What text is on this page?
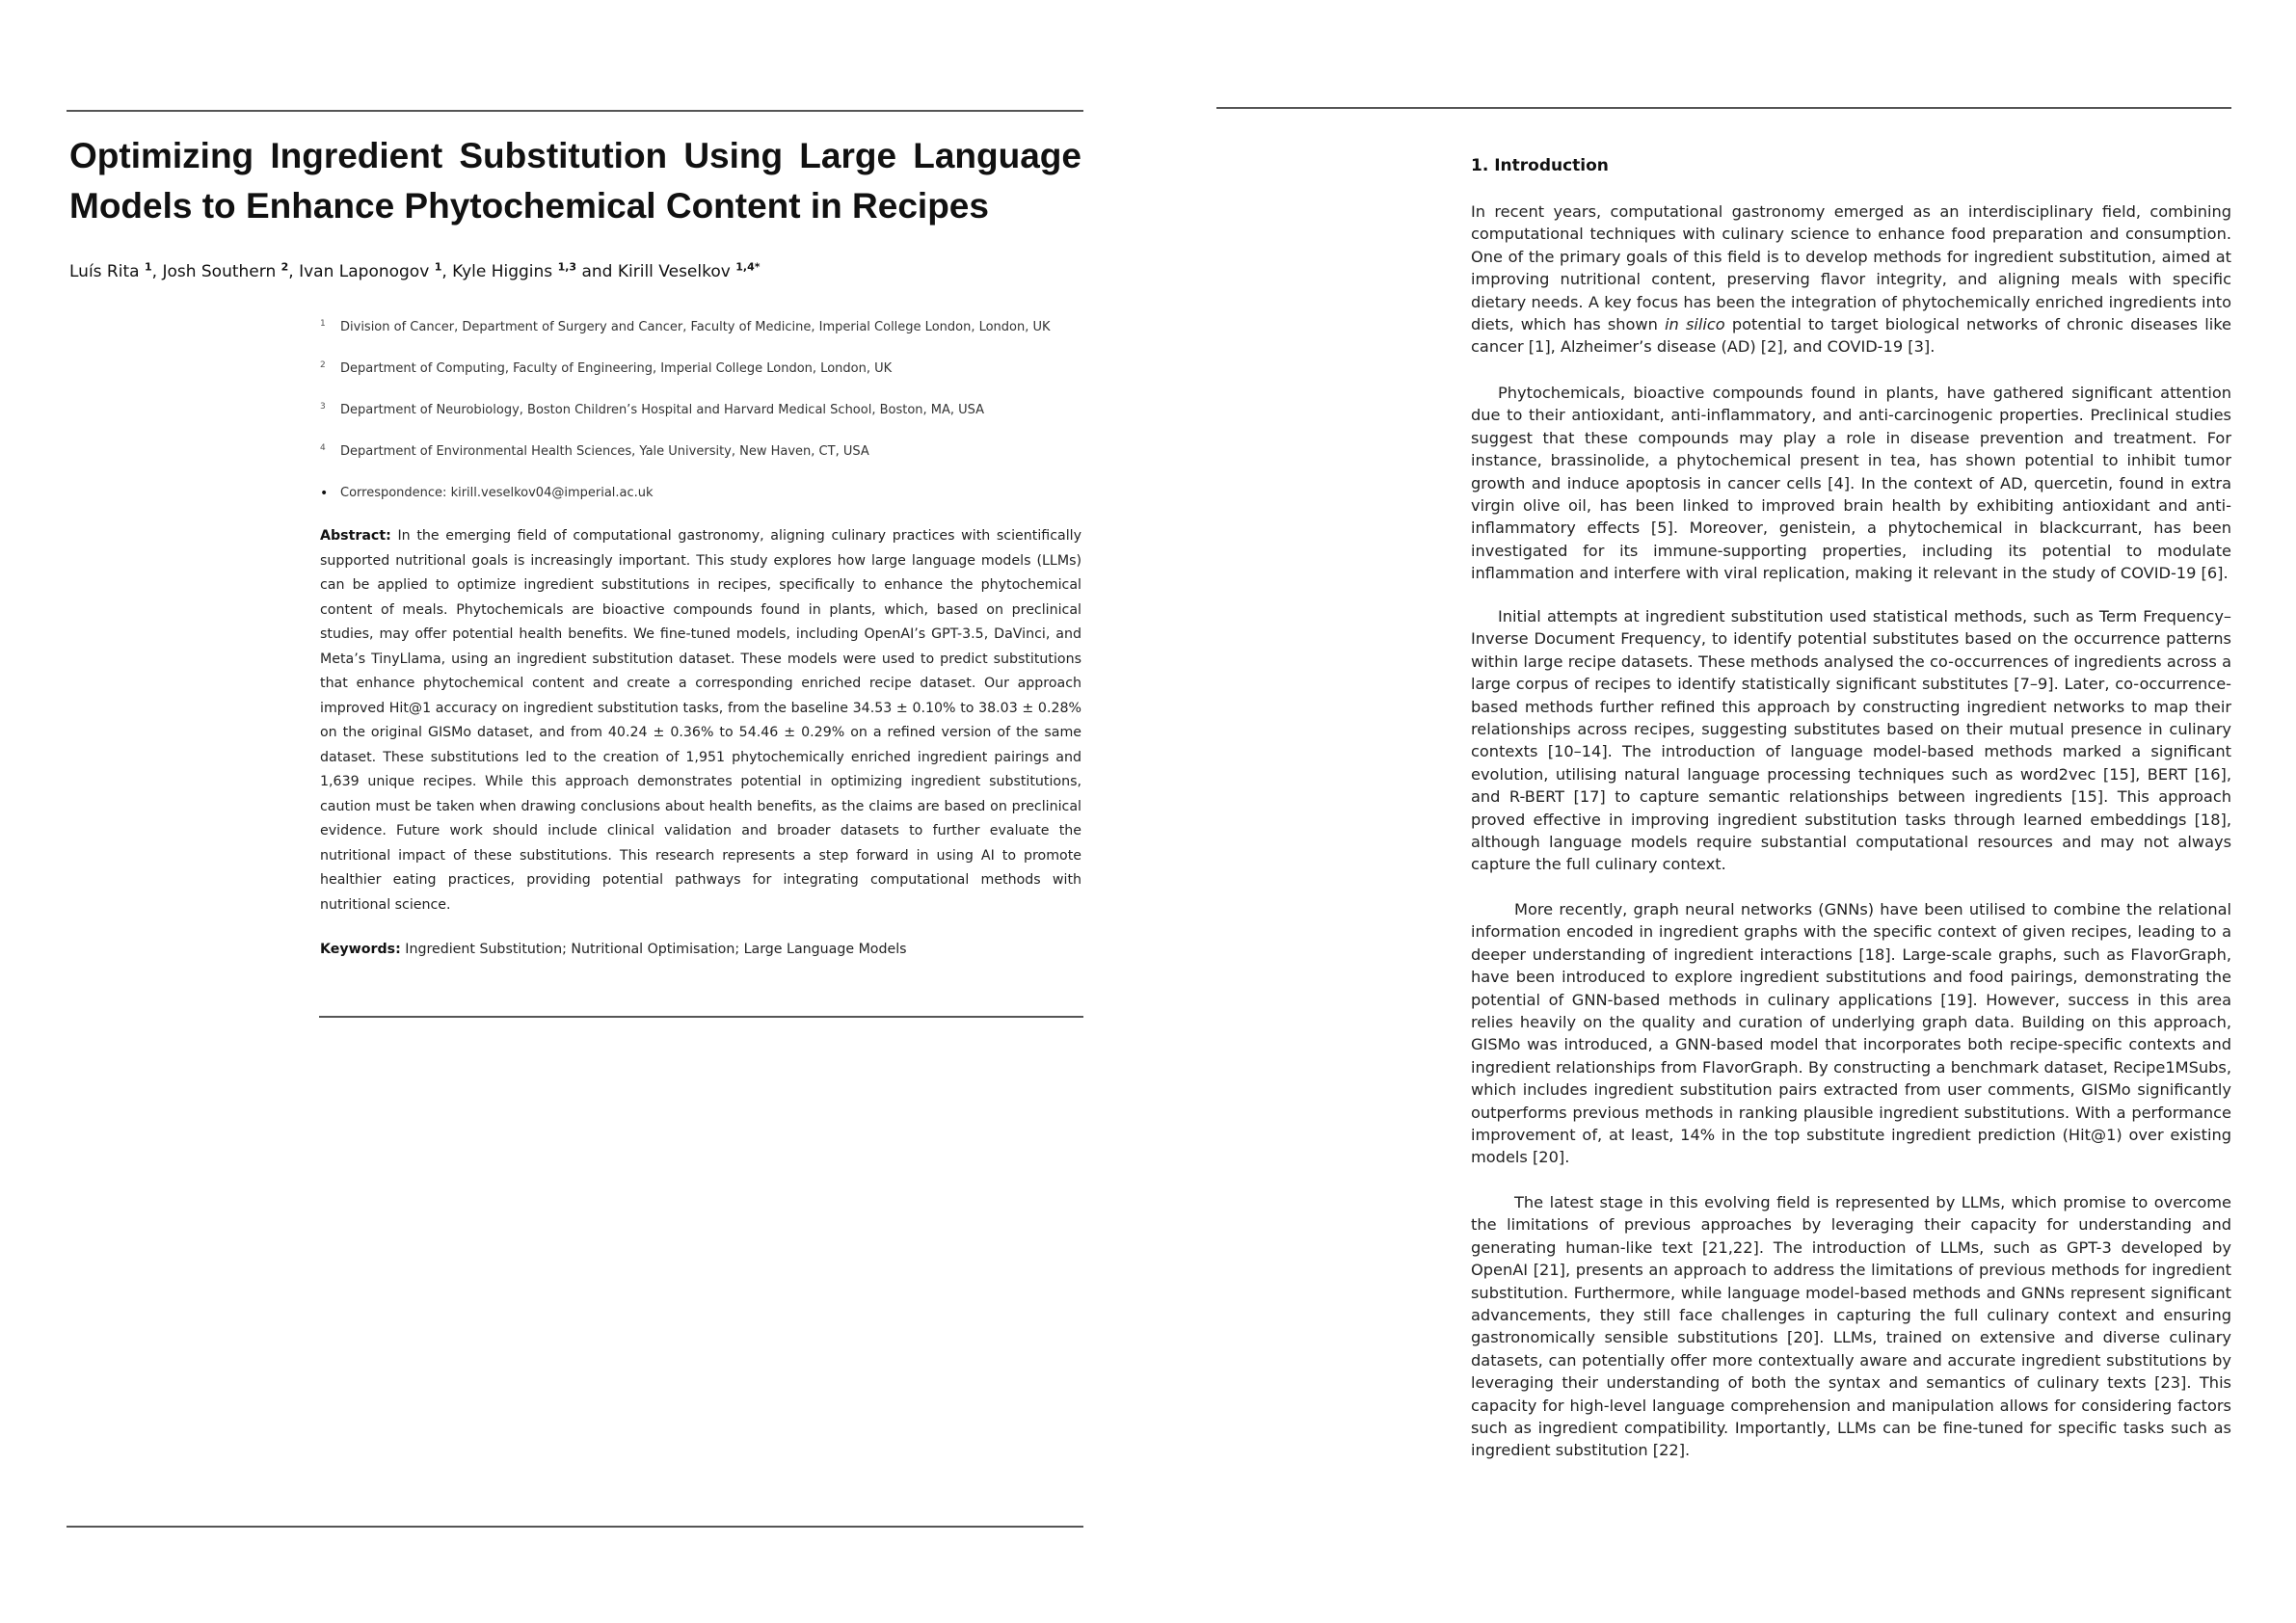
Optimizing Ingredient Substitution Using Large Language Models to Enhance Phytochemical Content in Recipes

Luís Rita $^1$, Josh Southern $^2$, Ivan Laponogov $^1$, Kyle Higgins $^{1,3}$ and Kirill Veselkov $^{1,4*}$

1 Division of Cancer, Department of Surgery and Cancer, Faculty of Medicine, Imperial College London, London, UK
2 Department of Computing, Faculty of Engineering, Imperial College London, London, UK
3 Department of Neurobiology, Boston Children’s Hospital and Harvard Medical School, Boston, MA, USA
4 Department of Environmental Health Sciences, Yale University, New Haven, CT, USA
• Correspondence: kirill.veselkov04@imperial.ac.uk

Abstract: In the emerging field of computational gastronomy, aligning culinary practices with scientifically supported nutritional goals is increasingly important. This study explores how large language models (LLMs) can be applied to optimize ingredient substitutions in recipes, specifically to enhance the phytochemical content of meals. Phytochemicals are bioactive compounds found in plants, which, based on preclinical studies, may offer potential health benefits. We fine-tuned models, including OpenAI’s GPT-3.5, DaVinci, and Meta’s TinyLlama, using an ingredient substitution dataset. These models were used to predict substitutions that enhance phytochemical content and create a corresponding enriched recipe dataset. Our approach improved Hit@1 accuracy on ingredient substitution tasks, from the baseline 34.53 ± 0.10% to 38.03 ± 0.28% on the original GISMo dataset, and from 40.24 ± 0.36% to 54.46 ± 0.29% on a refined version of the same dataset. These substitutions led to the creation of 1,951 phytochemically enriched ingredient pairings and 1,639 unique recipes. While this approach demonstrates potential in optimizing ingredient substitutions, caution must be taken when drawing conclusions about health benefits, as the claims are based on preclinical evidence. Future work should include clinical validation and broader datasets to further evaluate the nutritional impact of these substitutions. This research represents a step forward in using AI to promote healthier eating practices, providing potential pathways for integrating computational methods with nutritional science.

Keywords: Ingredient Substitution; Nutritional Optimisation; Large Language Models

1. Introduction

In recent years, computational gastronomy emerged as an interdisciplinary field, combining computational techniques with culinary science to enhance food preparation and consumption. One of the primary goals of this field is to develop methods for ingredient substitution, aimed at improving nutritional content, preserving flavor integrity, and aligning meals with specific dietary needs. A key focus has been the integration of phytochemically enriched ingredients into diets, which has shown in silico potential to target biological networks of chronic diseases like cancer [1], Alzheimer’s disease (AD) [2], and COVID-19 [3].

Phytochemicals, bioactive compounds found in plants, have gathered significant attention due to their antioxidant, anti-inflammatory, and anti-carcinogenic properties. Preclinical studies suggest that these compounds may play a role in disease prevention and treatment. For instance, brassinolide, a phytochemical present in tea, has shown potential to inhibit tumor growth and induce apoptosis in cancer cells [4]. In the context of AD, quercetin, found in extra virgin olive oil, has been linked to improved brain health by exhibiting antioxidant and anti-inflammatory effects [5]. Moreover, genistein, a phytochemical in blackcurrant, has been investigated for its immune-supporting properties, including its potential to modulate inflammation and interfere with viral replication, making it relevant in the study of COVID-19 [6].

Initial attempts at ingredient substitution used statistical methods, such as Term Frequency–Inverse Document Frequency, to identify potential substitutes based on the occurrence patterns within large recipe datasets. These methods analysed the co-occurrences of ingredients across a large corpus of recipes to identify statistically significant substitutes [7–9]. Later, co-occurrence-based methods further refined this approach by constructing ingredient networks to map their relationships across recipes, suggesting substitutes based on their mutual presence in culinary contexts [10–14]. The introduction of language model-based methods marked a significant evolution, utilising natural language processing techniques such as word2vec [15], BERT [16], and R-BERT [17] to capture semantic relationships between ingredients [15]. This approach proved effective in improving ingredient substitution tasks through learned embeddings [18], although language models require substantial computational resources and may not always capture the full culinary context.

More recently, graph neural networks (GNNs) have been utilised to combine the relational information encoded in ingredient graphs with the specific context of given recipes, leading to a deeper understanding of ingredient interactions [18]. Large-scale graphs, such as FlavorGraph, have been introduced to explore ingredient substitutions and food pairings, demonstrating the potential of GNN-based methods in culinary applications [19]. However, success in this area relies heavily on the quality and curation of underlying graph data. Building on this approach, GISMo was introduced, a GNN-based model that incorporates both recipe-specific contexts and ingredient relationships from FlavorGraph. By constructing a benchmark dataset, Recipe1MSubs, which includes ingredient substitution pairs extracted from user comments, GISMo significantly outperforms previous methods in ranking plausible ingredient substitutions. With a performance improvement of, at least, 14% in the top substitute ingredient prediction (Hit@1) over existing models [20].

The latest stage in this evolving field is represented by LLMs, which promise to overcome the limitations of previous approaches by leveraging their capacity for understanding and generating human-like text [21,22]. The introduction of LLMs, such as GPT-3 developed by OpenAI [21], presents an approach to address the limitations of previous methods for ingredient substitution. Furthermore, while language model-based methods and GNNs represent significant advancements, they still face challenges in capturing the full culinary context and ensuring gastronomically sensible substitutions [20]. LLMs, trained on extensive and diverse culinary datasets, can potentially offer more contextually aware and accurate ingredient substitutions by leveraging their understanding of both the syntax and semantics of culinary texts [23]. This capacity for high-level language comprehension and manipulation allows for considering factors such as ingredient compatibility. Importantly, LLMs can be fine-tuned for specific tasks such as ingredient substitution [22].
